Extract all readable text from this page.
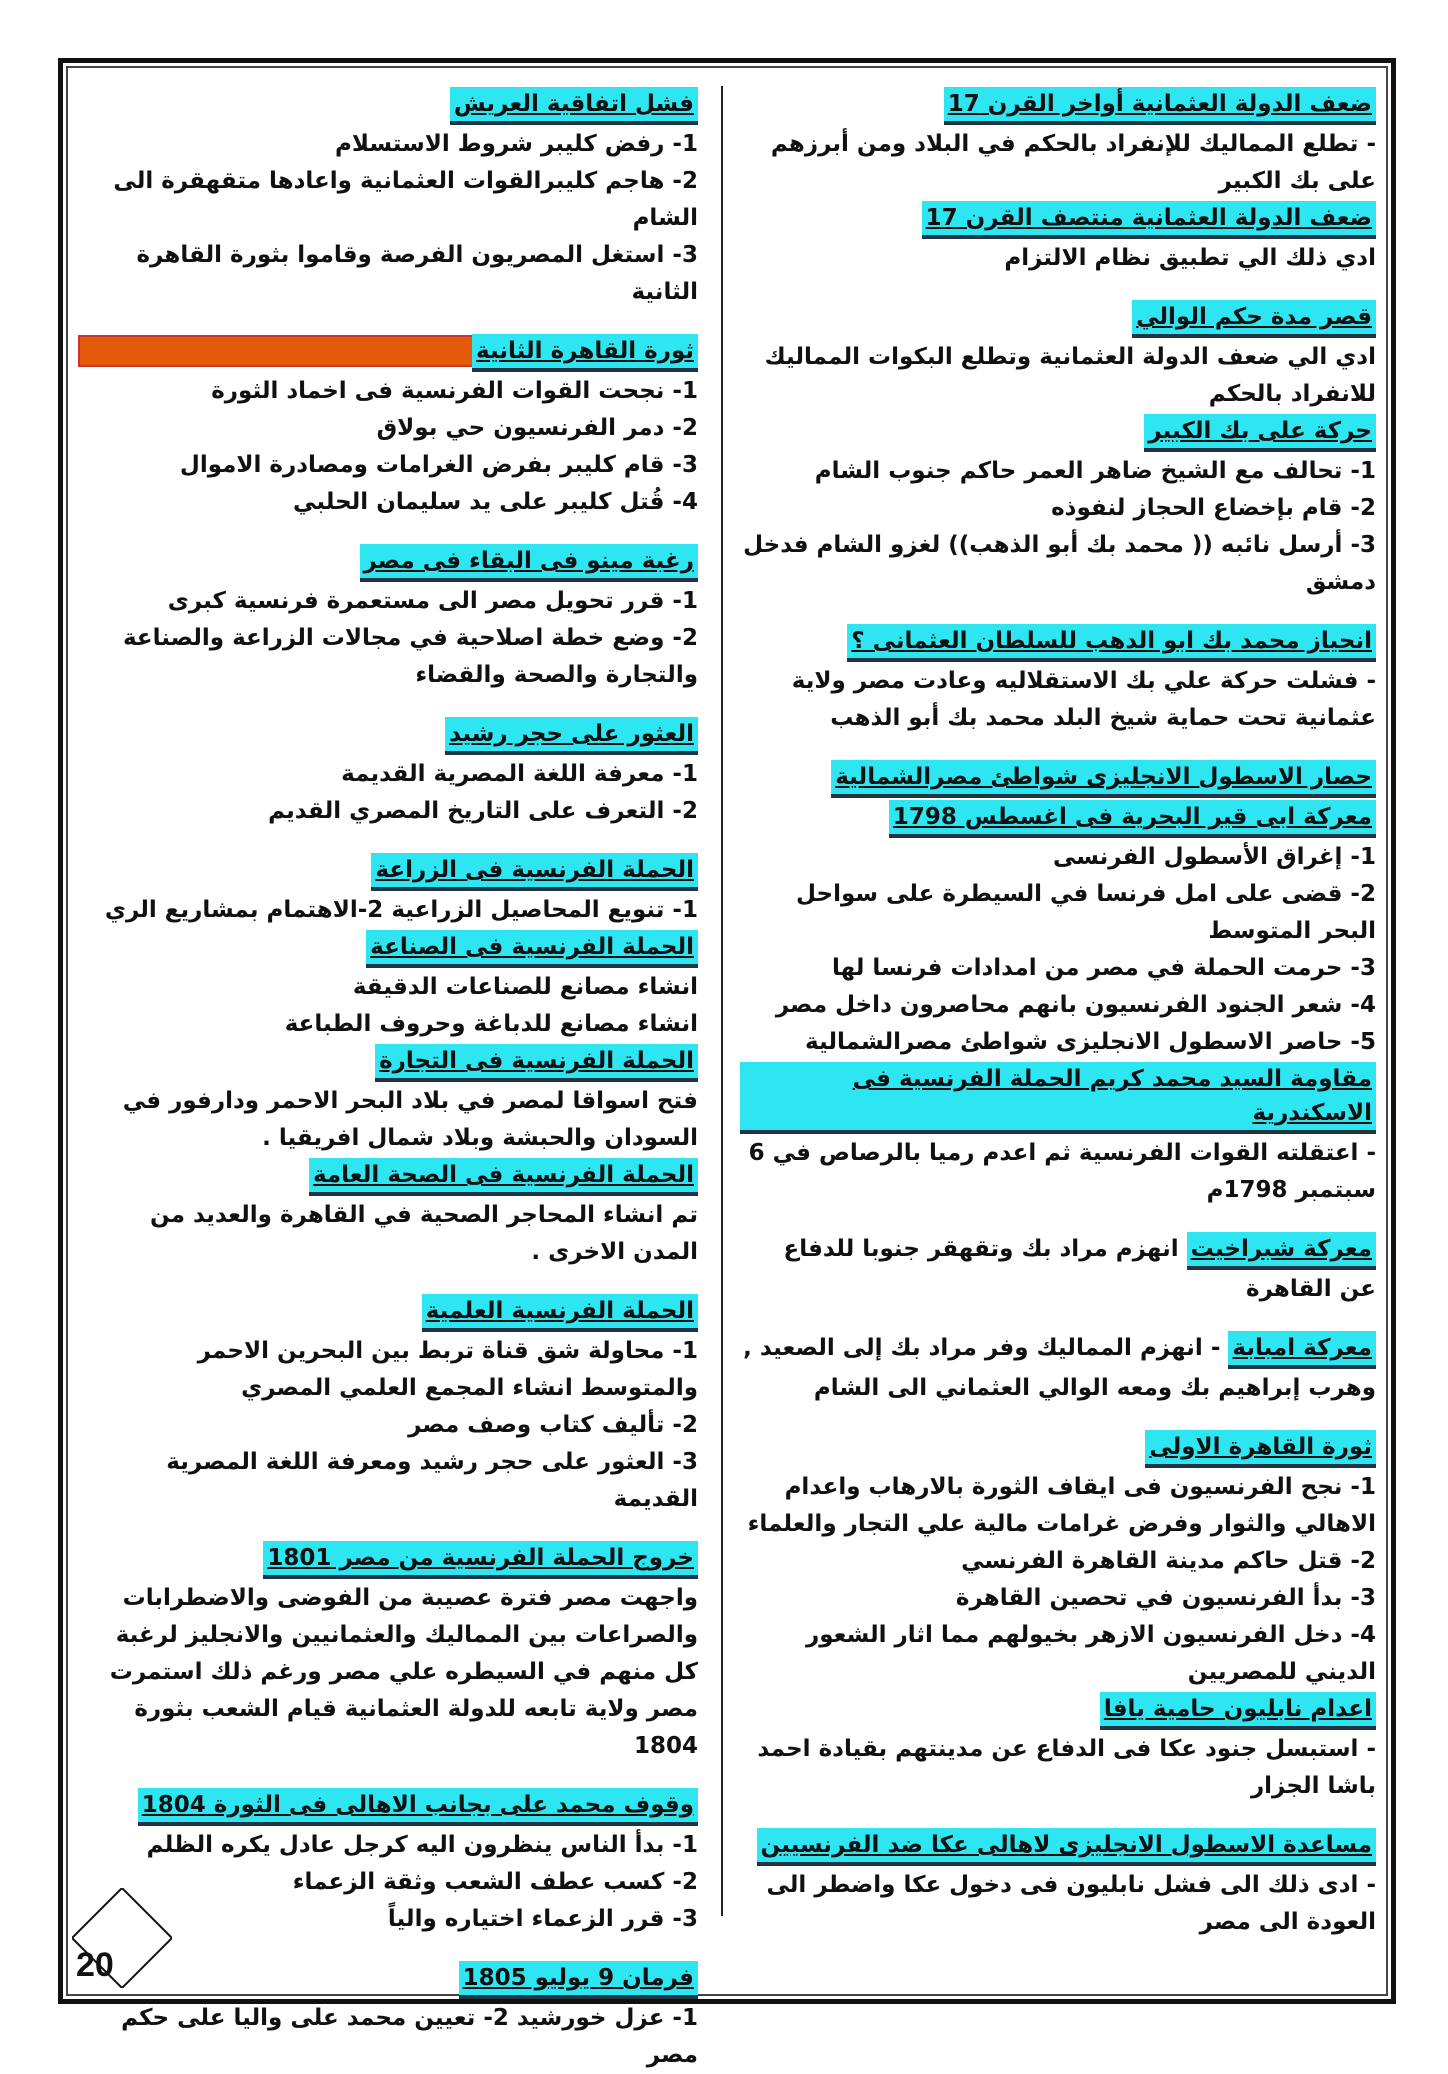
ضعف الدولة العثمانية أواخر القرن 17
- تطلع المماليك للإنفراد بالحكم في البلاد ومن أبرزهم على بك الكبير
ضعف الدولة العثمانية منتصف القرن 17
ادي ذلك الي تطبيق نظام الالتزام
قصر مدة حكم الوالي
ادي الي ضعف الدولة العثمانية وتطلع البكوات المماليك للانفراد بالحكم
حركة على بك الكبير
1- تحالف مع الشيخ ضاهر العمر حاكم جنوب الشام
2- قام بإخضاع الحجاز لنفوذه
3- أرسل نائبه (( محمد بك أبو الذهب)) لغزو الشام فدخل دمشق
انحياز محمد بك ابو الدهب للسلطان العثمانى ؟
- فشلت حركة علي بك الاستقلاليه وعادت مصر ولاية عثمانية تحت حماية شيخ البلد محمد بك أبو الذهب
حصار الاسطول الانجليزى شواطئ مصرالشمالية
معركة ابى قير البحرية فى اغسطس 1798
1- إغراق الأسطول الفرنسى
2- قضى على امل فرنسا في السيطرة على سواحل البحر المتوسط
3- حرمت الحملة في مصر من امدادات فرنسا لها
4- شعر الجنود الفرنسيون بانهم محاصرون داخل مصر
5- حاصر الاسطول الانجليزى شواطئ مصرالشمالية
مقاومة السيد محمد كريم الحملة الفرنسية فى الاسكندرية
- اعتقلته القوات الفرنسية ثم اعدم رميا بالرصاص في 6 سبتمبر 1798م
معركة شبراخيت انهزم مراد بك وتقهقر جنوبا للدفاع عن القاهرة
معركة امبابة - انهزم المماليك وفر مراد بك إلى الصعيد , وهرب إبراهيم بك ومعه الوالي العثماني الى الشام
ثورة القاهرة الاولى
1- نجح الفرنسيون فى ايقاف الثورة بالارهاب واعدام الاهالي والثوار وفرض غرامات مالية علي التجار والعلماء
2- قتل حاكم مدينة القاهرة الفرنسي
3- بدأ الفرنسيون في تحصين القاهرة
4- دخل الفرنسيون الازهر بخيولهم مما اثار الشعور الديني للمصريين
اعدام نابليون حامية يافا
- استبسل جنود عكا فى الدفاع عن مدينتهم بقيادة احمد باشا الجزار
مساعدة الاسطول الانجليزى لاهالى عكا ضد الفرنسيين
- ادى ذلك الى فشل نابليون فى دخول عكا واضطر الى العودة الى مصر
فشل اتفاقية العريش
1- رفض كليبر شروط الاستسلام
2- هاجم كليبرالقوات العثمانية واعادها متقهقرة الى الشام
3- استغل المصريون الفرصة وقاموا بثورة القاهرة الثانية
ثورة القاهرة الثانية
1- نجحت القوات الفرنسية فى اخماد الثورة
2- دمر الفرنسيون حي بولاق
3- قام كليبر بفرض الغرامات ومصادرة الاموال
4- قُتل كليبر على يد سليمان الحلبي
رغبة مينو فى البقاء فى مصر
1- قرر تحويل مصر الى مستعمرة فرنسية كبرى
2- وضع خطة اصلاحية في مجالات الزراعة والصناعة والتجارة والصحة والقضاء
العثور على حجر رشيد
1- معرفة اللغة المصرية القديمة
2- التعرف على التاريخ المصري القديم
الحملة الفرنسية فى الزراعة
1- تنويع المحاصيل الزراعية 2-الاهتمام بمشاريع الري
الحملة الفرنسية فى الصناعة
انشاء مصانع للصناعات الدقيقة
انشاء مصانع للدباغة وحروف الطباعة
الحملة الفرنسية فى التجارة
فتح اسواقا لمصر في بلاد البحر الاحمر ودارفور في السودان والحبشة وبلاد شمال افريقيا .
الحملة الفرنسية فى الصحة العامة
تم انشاء المحاجر الصحية في القاهرة والعديد من المدن الاخرى .
الحملة الفرنسية العلمية
1- محاولة شق قناة تربط بين البحرين الاحمر والمتوسط انشاء المجمع العلمي المصري
2- تأليف كتاب وصف مصر
3- العثور على حجر رشيد ومعرفة اللغة المصرية القديمة
خروج الحملة الفرنسية من مصر 1801
واجهت مصر فترة عصيبة من الفوضى والاضطرابات والصراعات بين المماليك والعثمانيين والانجليز لرغبة كل منهم في السيطره علي مصر ورغم ذلك استمرت مصر ولاية تابعه للدولة العثمانية قيام الشعب بثورة 1804
وقوف محمد على بجانب الاهالى فى الثورة 1804
1- بدأ الناس ينظرون اليه كرجل عادل يكره الظلم
2- كسب عطف الشعب وثقة الزعماء
3- قرر الزعماء اختياره والياً
فرمان 9 يوليو 1805
1- عزل خورشيد 2- تعيين محمد على واليا على حكم مصر
20
